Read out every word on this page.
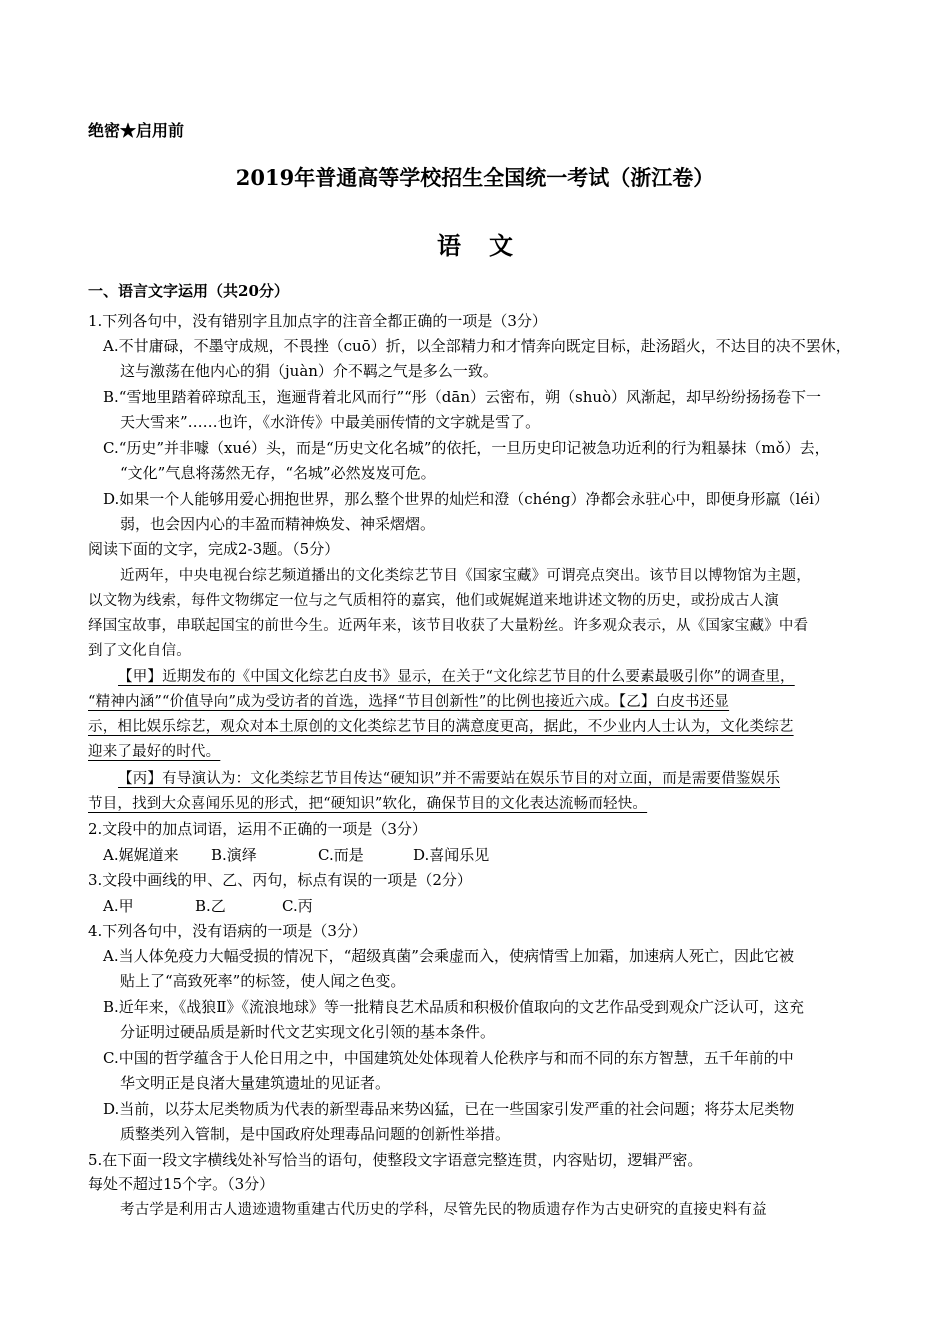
绝密★启用前
2019年普通高等学校招生全国统一考试（浙江卷）
语文
一、语言文字运用（共20分）
1.下列各句中，没有错别字且加点字的注音全都正确的一项是（3分）
A.不甘庸碌，不墨守成规，不畏挫（cuō）折，以全部精力和才情奔向既定目标，赴汤蹈火，不达目的决不罢休，
这与激荡在他内心的狷（juàn）介不羁之气是多么一致。
B.“雪地里踏着碎琼乱玉，迤逦背着北风而行”“彤（dān）云密布，朔（shuò）风渐起，却早纷纷扬扬卷下一
天大雪来”……也许，《水浒传》中最美丽传情的文字就是雪了。
C.“历史”并非噱（xué）头，而是“历史文化名城”的依托，一旦历史印记被急功近利的行为粗暴抹（mǒ）去，
“文化”气息将荡然无存，“名城”必然岌岌可危。
D.如果一个人能够用爱心拥抱世界，那么整个世界的灿烂和澄（chéng）净都会永驻心中，即便身形羸（léi）
弱，也会因内心的丰盈而精神焕发、神采熠熠。
阅读下面的文字，完成2-3题。（5分）
近两年，中央电视台综艺频道播出的文化类综艺节目《国家宝藏》可谓亮点突出。该节目以博物馆为主题，
以文物为线索，每件文物绑定一位与之气质相符的嘉宾，他们或娓娓道来地讲述文物的历史，或扮成古人演
绎国宝故事，串联起国宝的前世今生。近两年来，该节目收获了大量粉丝。许多观众表示，从《国家宝藏》中看
到了文化自信。
【甲】近期发布的《中国文化综艺白皮书》显示，在关于“文化综艺节目的什么要素最吸引你”的调查里，
“精神内涵”“价值导向”成为受访者的首选，选择“节目创新性”的比例也接近六成。【乙】白皮书还显
示，相比娱乐综艺，观众对本土原创的文化类综艺节目的满意度更高，据此，不少业内人士认为，文化类综艺
迎来了最好的时代。
【丙】有导演认为：文化类综艺节目传达“硬知识”并不需要站在娱乐节目的对立面，而是需要借鉴娱乐
节目，找到大众喜闻乐见的形式，把“硬知识”软化，确保节目的文化表达流畅而轻快。
2.文段中的加点词语，运用不正确的一项是（3分）
A.娓娓道来 B.演绎	C.而是	D.喜闻乐见
3.文段中画线的甲、乙、丙句，标点有误的一项是（2分）
A.甲	B.乙	C.丙
4.下列各句中，没有语病的一项是（3分）
A.当人体免疫力大幅受损的情况下，“超级真菌”会乘虚而入，使病情雪上加霜，加速病人死亡，因此它被
贴上了“高致死率”的标签，使人闻之色变。
B.近年来，《战狼Ⅱ》《流浪地球》等一批精良艺术品质和积极价值取向的文艺作品受到观众广泛认可，这充
分证明过硬品质是新时代文艺实现文化引领的基本条件。
C.中国的哲学蕴含于人伦日用之中，中国建筑处处体现着人伦秩序与和而不同的东方智慧，五千年前的中
华文明正是良渚大量建筑遗址的见证者。
D.当前，以芬太尼类物质为代表的新型毒品来势凶猛，已在一些国家引发严重的社会问题；将芬太尼类物
质整类列入管制，是中国政府处理毒品问题的创新性举措。
5.在下面一段文字横线处补写恰当的语句，使整段文字语意完整连贯，内容贴切，逻辑严密。
每处不超过15个字。（3分）
考古学是利用古人遗迹遗物重建古代历史的学科，尽管先民的物质遗存作为古史研究的直接史料有益
